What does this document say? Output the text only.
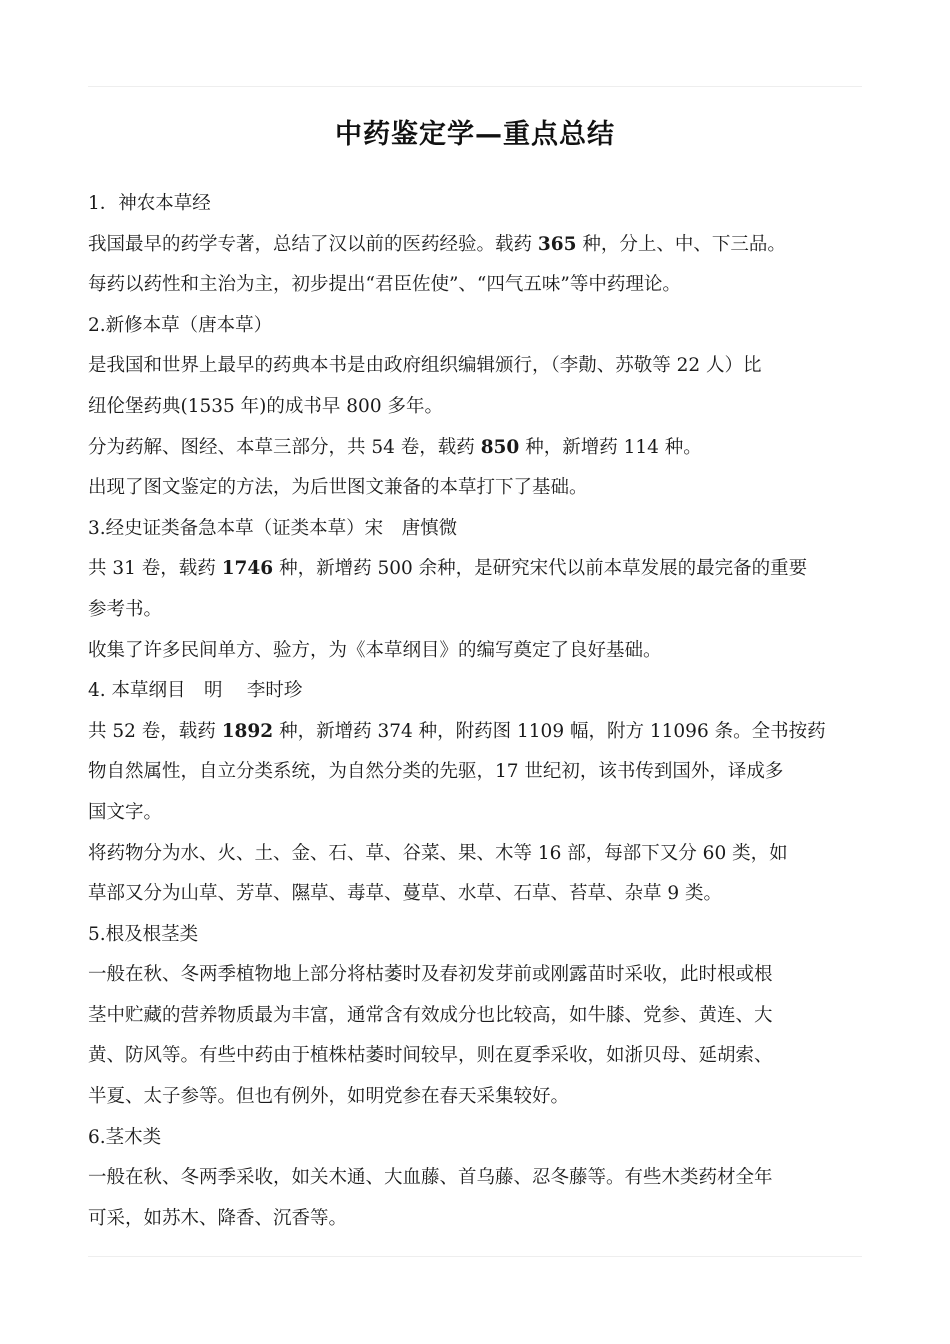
中药鉴定学—重点总结
1．神农本草经
我国最早的药学专著，总结了汉以前的医药经验。载药 365 种，分上、中、下三品。
每药以药性和主治为主，初步提出“君臣佐使”、“四气五味”等中药理论。
2.新修本草（唐本草）
是我国和世界上最早的药典本书是由政府组织编辑颁行，（李勣、苏敬等 22 人）比
纽伦堡药典(1535 年)的成书早 800 多年。
分为药解、图经、本草三部分，共 54 卷，载药 850 种，新增药 114 种。
出现了图文鉴定的方法，为后世图文兼备的本草打下了基础。
3.经史证类备急本草（证类本草）宋　唐慎微
共 31 卷，载药 1746 种，新增药 500 余种，是研究宋代以前本草发展的最完备的重要
参考书。
收集了许多民间单方、验方，为《本草纲目》的编写奠定了良好基础。
4. 本草纲目　明　 李时珍
共 52 卷，载药 1892 种，新增药 374 种，附药图 1109 幅，附方 11096 条。全书按药
物自然属性，自立分类系统，为自然分类的先驱，17 世纪初，该书传到国外，译成多
国文字。
将药物分为水、火、土、金、石、草、谷菜、果、木等 16 部，每部下又分 60 类，如
草部又分为山草、芳草、隰草、毒草、蔓草、水草、石草、苔草、杂草 9 类。
5.根及根茎类
一般在秋、冬两季植物地上部分将枯萎时及春初发芽前或刚露苗时采收，此时根或根
茎中贮藏的营养物质最为丰富，通常含有效成分也比较高，如牛膝、党参、黄连、大
黄、防风等。有些中药由于植株枯萎时间较早，则在夏季采收，如浙贝母、延胡索、
半夏、太子参等。但也有例外，如明党参在春天采集较好。
6.茎木类
一般在秋、冬两季采收，如关木通、大血藤、首乌藤、忍冬藤等。有些木类药材全年
可采，如苏木、降香、沉香等。
